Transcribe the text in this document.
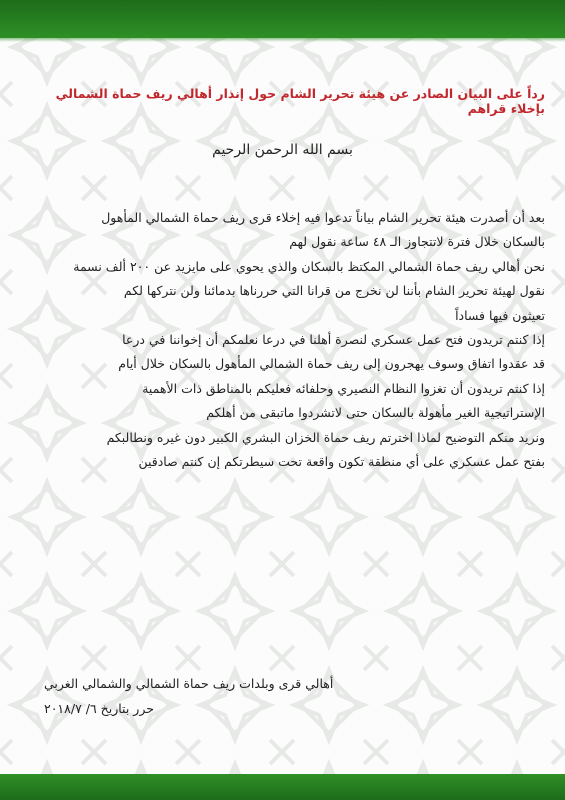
رداً على البيان الصادر عن هيئة تحرير الشام حول إنذار أهالي ريف حماة الشمالي بإخلاء قراهم
بسم الله الرحمن الرحيم

بعد أن أصدرت هيئة تحرير الشام بياناً تدعوا فيه إخلاء قرى ريف حماة الشمالي المأهول

بالسكان خلال فترة لاتتجاوز الـ ٤٨ ساعة نقول لهم

نحن أهالي ريف حماة الشمالي المكتظ بالسكان والذي يحوي على مايزيد عن ٢٠٠ ألف نسمة

نقول لهيئة تحرير الشام بأننا لن نخرج من قرانا التي حررناها بدمائنا ولن نتركها لكم

تعيثون فيها فساداً

إذا كنتم تريدون فتح عمل عسكري لنصرة أهلنا في درعا نعلمكم أن إخواننا في درعا

قد عقدوا اتفاق وسوف يهجرون إلى ريف حماة الشمالي المأهول بالسكان خلال أيام

إذا كنتم تريدون أن تغزوا النظام النصيري وحلفائه فعليكم بالمناطق ذات الأهمية

الإستراتيجية الغير مأهولة بالسكان حتى لاتشردوا ماتبقى من أهلكم

ونريد منكم التوضيح لماذا اخترتم ريف حماة الخزان البشري الكبير دون غيره ونطالبكم

بفتح عمل عسكري على أي منطقة تكون واقعة تحت سيطرتكم إن كنتم صادقين

أهالي قرى وبلدات ريف حماة الشمالي والشمالي الغربي

حرر بتاريخ ٦/ ٢٠١٨/٧
